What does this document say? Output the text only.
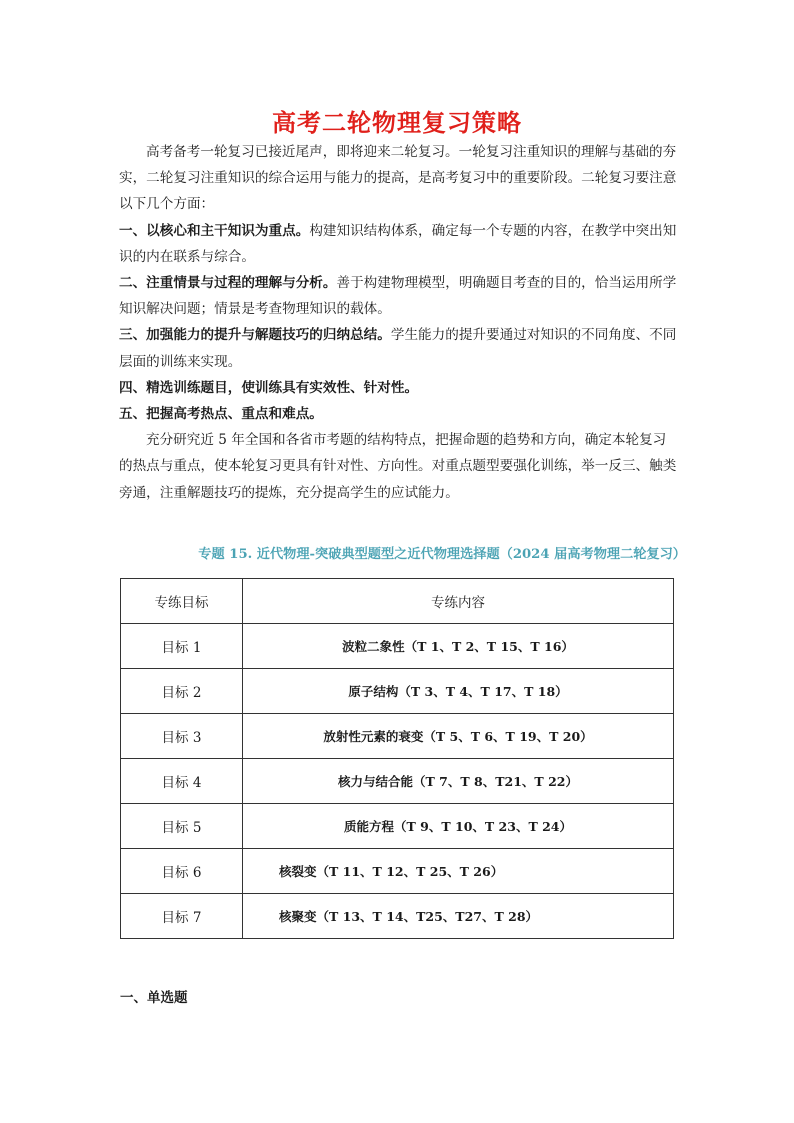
高考二轮物理复习策略

高考备考一轮复习已接近尾声，即将迎来二轮复习。一轮复习注重知识的理解与基础的夯实，二轮复习注重知识的综合运用与能力的提高，是高考复习中的重要阶段。二轮复习要注意以下几个方面：

一、以核心和主干知识为重点。构建知识结构体系，确定每一个专题的内容，在教学中突出知识的内在联系与综合。

二、注重情景与过程的理解与分析。善于构建物理模型，明确题目考查的目的，恰当运用所学知识解决问题；情景是考查物理知识的载体。

三、加强能力的提升与解题技巧的归纳总结。学生能力的提升要通过对知识的不同角度、不同层面的训练来实现。

四、精选训练题目，使训练具有实效性、针对性。

五、把握高考热点、重点和难点。

充分研究近 5 年全国和各省市考题的结构特点，把握命题的趋势和方向，确定本轮复习的热点与重点，使本轮复习更具有针对性、方向性。对重点题型要强化训练，举一反三、触类旁通，注重解题技巧的提炼，充分提高学生的应试能力。

专题 15. 近代物理-突破典型题型之近代物理选择题（2024 届高考物理二轮复习）
专练目标	专练内容
目标 1	波粒二象性（T 1、T 2、T 15、T 16）
目标 2	原子结构（T 3、T 4、T 17、T 18）
目标 3	放射性元素的衰变（T 5、T 6、T 19、T 20）
目标 4	核力与结合能（T 7、T 8、T21、T 22）
目标 5	质能方程（T 9、T 10、T 23、T 24）
目标 6	核裂变（T 11、T 12、T 25、T 26）
目标 7	核聚变（T 13、T 14、T25、T27、T 28）
一、单选题
